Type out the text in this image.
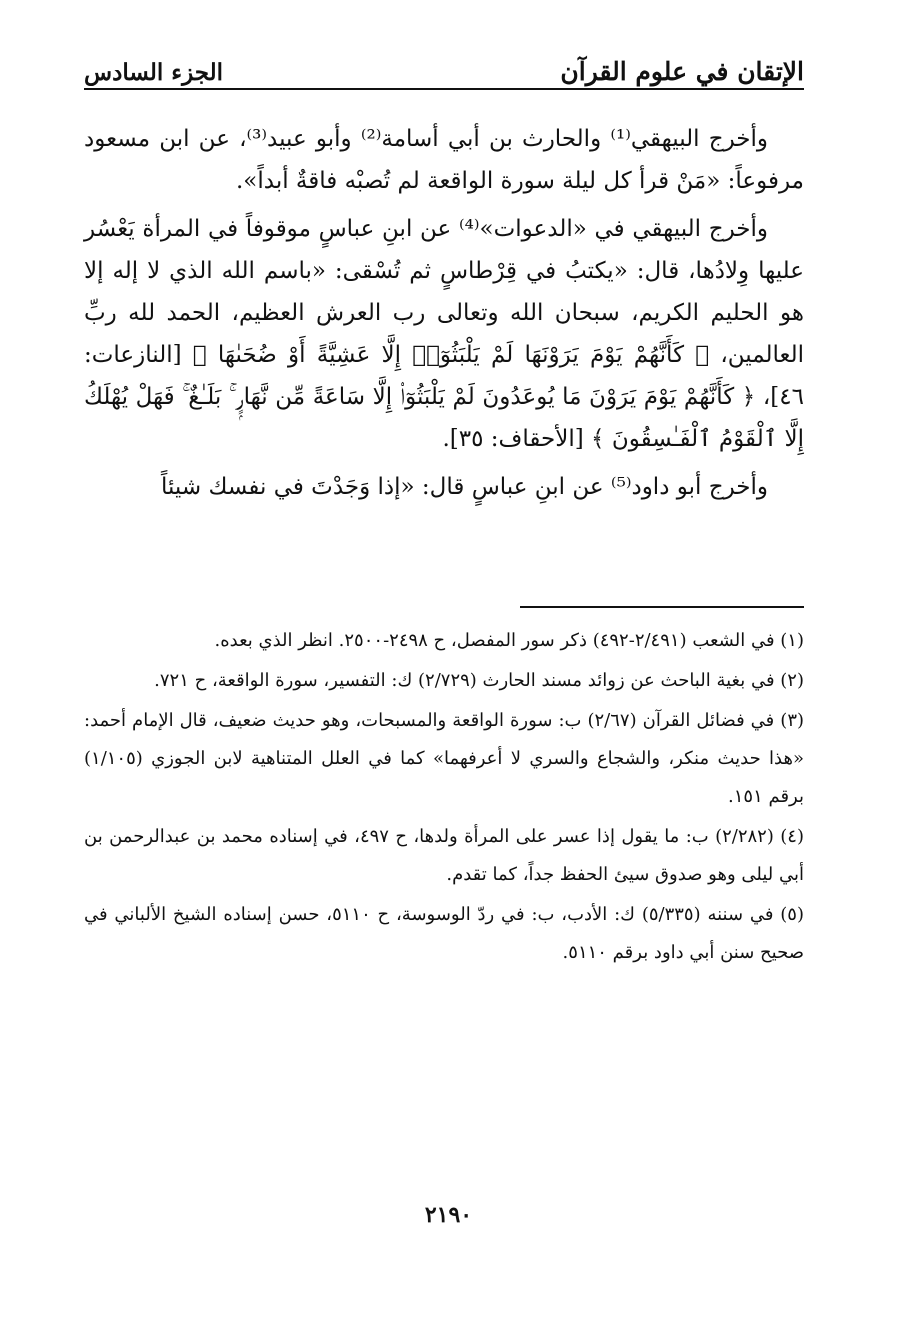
الإتقان في علوم القرآن
الجزء السادس

وأخرج البيهقي⁽¹⁾ والحارث بن أبي أسامة⁽²⁾ وأبو عبيد⁽³⁾، عن ابن مسعود مرفوعاً: «مَنْ قرأ كل ليلة سورة الواقعة لم تُصبْه فاقةٌ أبداً».

وأخرج البيهقي في «الدعوات»⁽⁴⁾ عن ابنِ عباسٍ موقوفاً في المرأة يَعْسُر عليها وِلادُها، قال: «يكتبُ في قِرْطاسٍ ثم تُسْقى: «باسم الله الذي لا إله إلا هو الحليم الكريم، سبحان الله وتعالى رب العرش العظيم، الحمد لله ربِّ العالمين، ﴿ كَأَنَّهُمْ يَوْمَ يَرَوْنَهَا لَمْ يَلْبَثُوٓا۟ إِلَّا عَشِيَّةً أَوْ ضُحَىٰهَا ﴾ [النازعات: ٤٦]، ﴿ كَأَنَّهُمْ يَوْمَ يَرَوْنَ مَا يُوعَدُونَ لَمْ يَلْبَثُوٓا۟ إِلَّا سَاعَةً مِّن نَّهَارٍۭ ۚ بَلَـٰغٌ ۚ فَهَلْ يُهْلَكُ إِلَّا ٱلْقَوْمُ ٱلْفَـٰسِقُونَ ﴾ [الأحقاف: ٣٥].

وأخرج أبو داود⁽⁵⁾ عن ابنِ عباسٍ قال: «إذا وَجَدْتَ في نفسك شيئاً

(١) في الشعب (٢/٤٩١-٤٩٢) ذكر سور المفصل، ح ٢٤٩٨-٢٥٠٠. انظر الذي بعده.
(٢) في بغية الباحث عن زوائد مسند الحارث (٢/٧٢٩) ك: التفسير، سورة الواقعة، ح ٧٢١.
(٣) في فضائل القرآن (٢/٦٧) ب: سورة الواقعة والمسبحات، وهو حديث ضعيف، قال الإمام أحمد: «هذا حديث منكر، والشجاع والسري لا أعرفهما» كما في العلل المتناهية لابن الجوزي (١/١٠٥) برقم ١٥١.
(٤) (٢/٢٨٢) ب: ما يقول إذا عسر على المرأة ولدها، ح ٤٩٧، في إسناده محمد بن عبدالرحمن بن أبي ليلى وهو صدوق سيئ الحفظ جداً، كما تقدم.
(٥) في سننه (٥/٣٣٥) ك: الأدب، ب: في ردّ الوسوسة، ح ٥١١٠، حسن إسناده الشيخ الألباني في صحيح سنن أبي داود برقم ٥١١٠.
٢١٩٠
